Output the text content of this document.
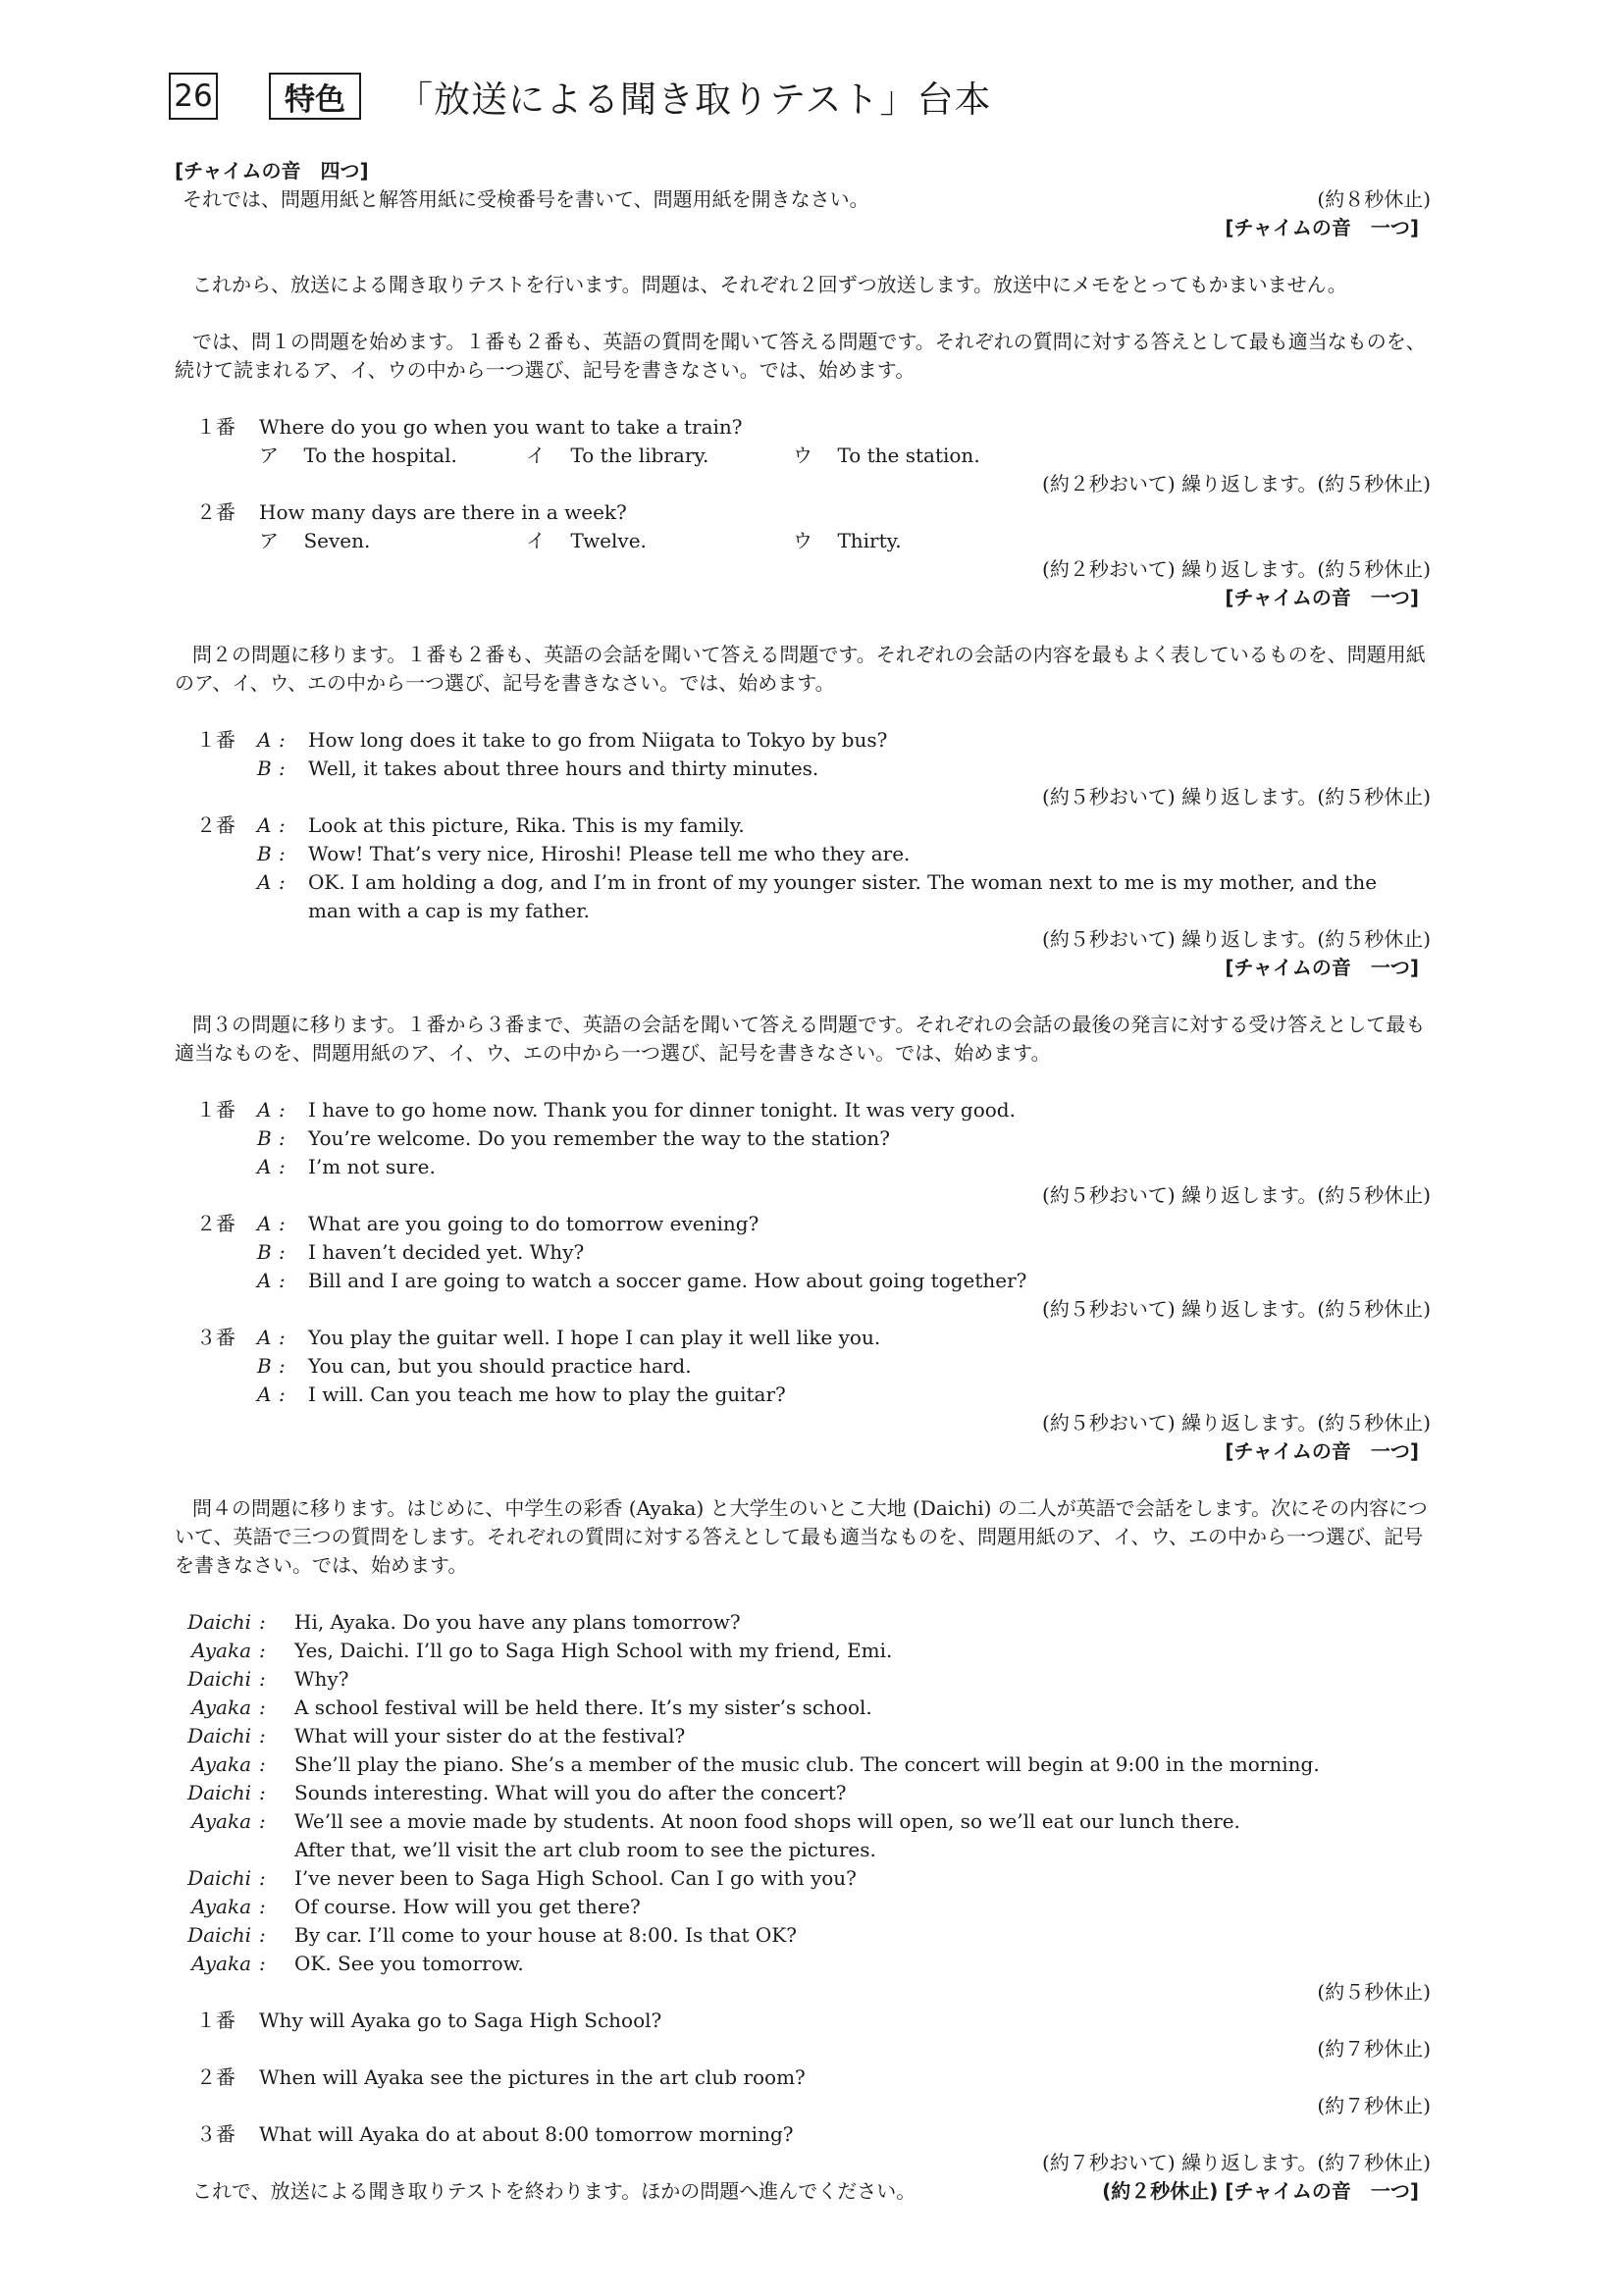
26	特色	「放送による聞き取りテスト」台本
[チャイムの音　四つ]
それでは、問題用紙と解答用紙に受検番号を書いて、問題用紙を開きなさい。	(約８秒休止)
[チャイムの音　一つ]
これから、放送による聞き取りテストを行います。問題は、それぞれ２回ずつ放送します。放送中にメモをとってもかまいません。
では、問１の問題を始めます。１番も２番も、英語の質問を聞いて答える問題です。それぞれの質問に対する答えとして最も適当なものを、続けて読まれるア、イ、ウの中から一つ選び、記号を書きなさい。では、始めます。
１番 Where do you go when you want to take a train?
ア To the hospital.	イ To the library.	ウ To the station.
(約２秒おいて) 繰り返します。(約５秒休止)
２番 How many days are there in a week?
ア Seven.	イ Twelve.	ウ Thirty.
(約２秒おいて) 繰り返します。(約５秒休止)
[チャイムの音　一つ]
問２の問題に移ります。１番も２番も、英語の会話を聞いて答える問題です。それぞれの会話の内容を最もよく表しているものを、問題用紙のア、イ、ウ、エの中から一つ選び、記号を書きなさい。では、始めます。
１番 A : How long does it take to go from Niigata to Tokyo by bus?
B : Well, it takes about three hours and thirty minutes.
(約５秒おいて) 繰り返します。(約５秒休止)
２番 A : Look at this picture, Rika. This is my family.
B : Wow! That’s very nice, Hiroshi! Please tell me who they are.
A : OK. I am holding a dog, and I’m in front of my younger sister. The woman next to me is my mother, and the
man with a cap is my father.
(約５秒おいて) 繰り返します。(約５秒休止)
[チャイムの音　一つ]
問３の問題に移ります。１番から３番まで、英語の会話を聞いて答える問題です。それぞれの会話の最後の発言に対する受け答えとして最も適当なものを、問題用紙のア、イ、ウ、エの中から一つ選び、記号を書きなさい。では、始めます。
１番 A : I have to go home now. Thank you for dinner tonight. It was very good.
B : You’re welcome. Do you remember the way to the station?
A : I’m not sure.
(約５秒おいて) 繰り返します。(約５秒休止)
２番 A : What are you going to do tomorrow evening?
B : I haven’t decided yet. Why?
A : Bill and I are going to watch a soccer game. How about going together?
(約５秒おいて) 繰り返します。(約５秒休止)
３番 A : You play the guitar well. I hope I can play it well like you.
B : You can, but you should practice hard.
A : I will. Can you teach me how to play the guitar?
(約５秒おいて) 繰り返します。(約５秒休止)
[チャイムの音　一つ]
問４の問題に移ります。はじめに、中学生の彩香 (Ayaka) と大学生のいとこ大地 (Daichi) の二人が英語で会話をします。次にその内容について、英語で三つの質問をします。それぞれの質問に対する答えとして最も適当なものを、問題用紙のア、イ、ウ、エの中から一つ選び、記号を書きなさい。では、始めます。
Daichi : Hi, Ayaka. Do you have any plans tomorrow?
Ayaka : Yes, Daichi. I’ll go to Saga High School with my friend, Emi.
Daichi : Why?
Ayaka : A school festival will be held there. It’s my sister’s school.
Daichi : What will your sister do at the festival?
Ayaka : She’ll play the piano. She’s a member of the music club. The concert will begin at 9:00 in the morning.
Daichi : Sounds interesting. What will you do after the concert?
Ayaka : We’ll see a movie made by students. At noon food shops will open, so we’ll eat our lunch there.
After that, we’ll visit the art club room to see the pictures.
Daichi : I’ve never been to Saga High School. Can I go with you?
Ayaka : Of course. How will you get there?
Daichi : By car. I’ll come to your house at 8:00. Is that OK?
Ayaka : OK. See you tomorrow.
(約５秒休止)
１番 Why will Ayaka go to Saga High School?
(約７秒休止)
２番 When will Ayaka see the pictures in the art club room?
(約７秒休止)
３番 What will Ayaka do at about 8:00 tomorrow morning?
(約７秒おいて) 繰り返します。(約７秒休止)
これで、放送による聞き取りテストを終わります。ほかの問題へ進んでください。	(約２秒休止) [チャイムの音　一つ]
